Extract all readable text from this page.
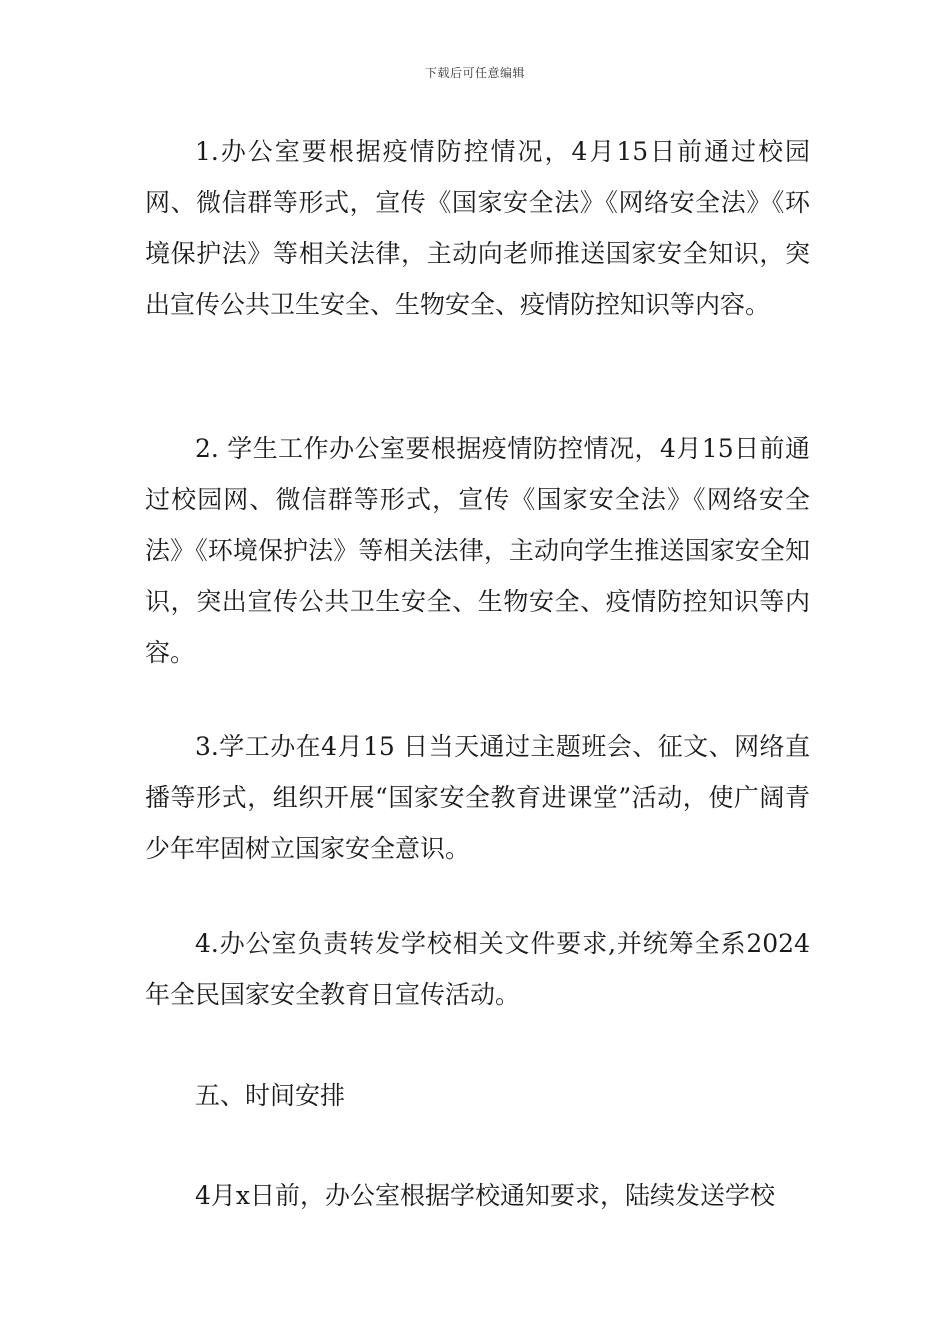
下载后可任意编辑

1.办公室要根据疫情防控情况，4月15日前通过校园网、微信群等形式，宣传《国家安全法》《网络安全法》《环境保护法》等相关法律，主动向老师推送国家安全知识，突出宣传公共卫生安全、生物安全、疫情防控知识等内容。

2. 学生工作办公室要根据疫情防控情况，4月15日前通过校园网、微信群等形式，宣传《国家安全法》《网络安全法》《环境保护法》等相关法律，主动向学生推送国家安全知识，突出宣传公共卫生安全、生物安全、疫情防控知识等内容。

3.学工办在4月15 日当天通过主题班会、征文、网络直播等形式，组织开展“国家安全教育进课堂”活动，使广阔青少年牢固树立国家安全意识。

4.办公室负责转发学校相关文件要求,并统筹全系2024年全民国家安全教育日宣传活动。

五、时间安排

4月x日前，办公室根据学校通知要求，陆续发送学校
